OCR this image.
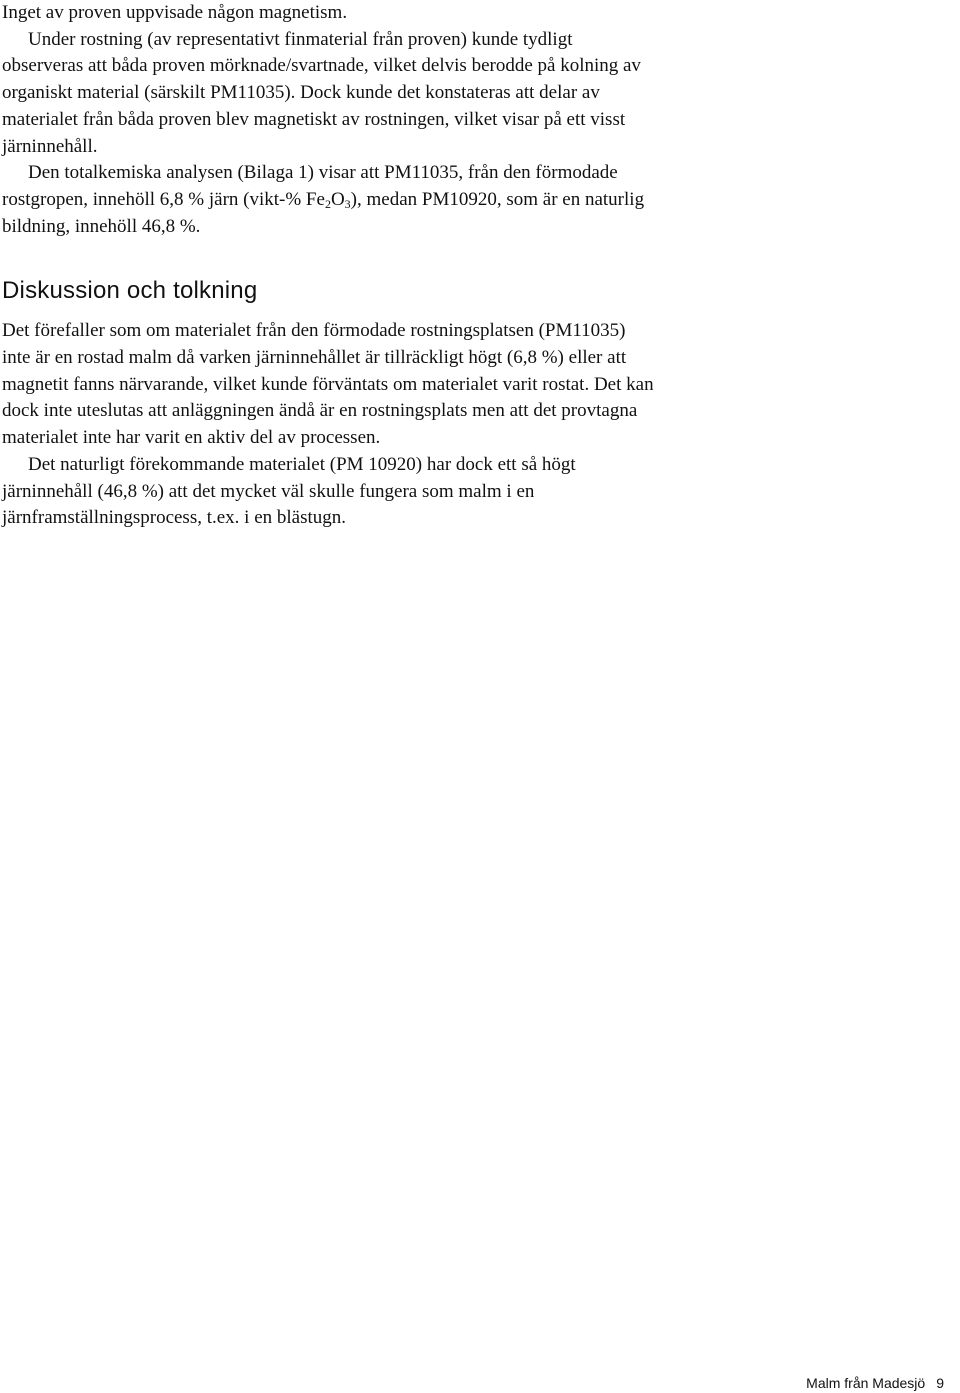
Inget av proven uppvisade någon magnetism.

Under rostning (av representativt finmaterial från proven) kunde tydligt observeras att båda proven mörknade/svartnade, vilket delvis berodde på kolning av organiskt material (särskilt PM11035). Dock kunde det konstateras att delar av materialet från båda proven blev magnetiskt av rostningen, vilket visar på ett visst järninnehåll.

Den totalkemiska analysen (Bilaga 1) visar att PM11035, från den förmodade rostgropen, innehöll 6,8 % järn (vikt-% $Fe_2O_3$), medan PM10920, som är en naturlig bildning, innehöll 46,8 %.

Diskussion och tolkning

Det förefaller som om materialet från den förmodade rostningsplatsen (PM11035) inte är en rostad malm då varken järninnehållet är tillräckligt högt (6,8 %) eller att magnetit fanns närvarande, vilket kunde förväntats om materialet varit rostat. Det kan dock inte uteslutas att anläggningen ändå är en rostningsplats men att det provtagna materialet inte har varit en aktiv del av processen.

Det naturligt förekommande materialet (PM 10920) har dock ett så högt järninnehåll (46,8 %) att det mycket väl skulle fungera som malm i en järnframställningsprocess, t.ex. i en blästugn.

Malm från Madesjö 9
